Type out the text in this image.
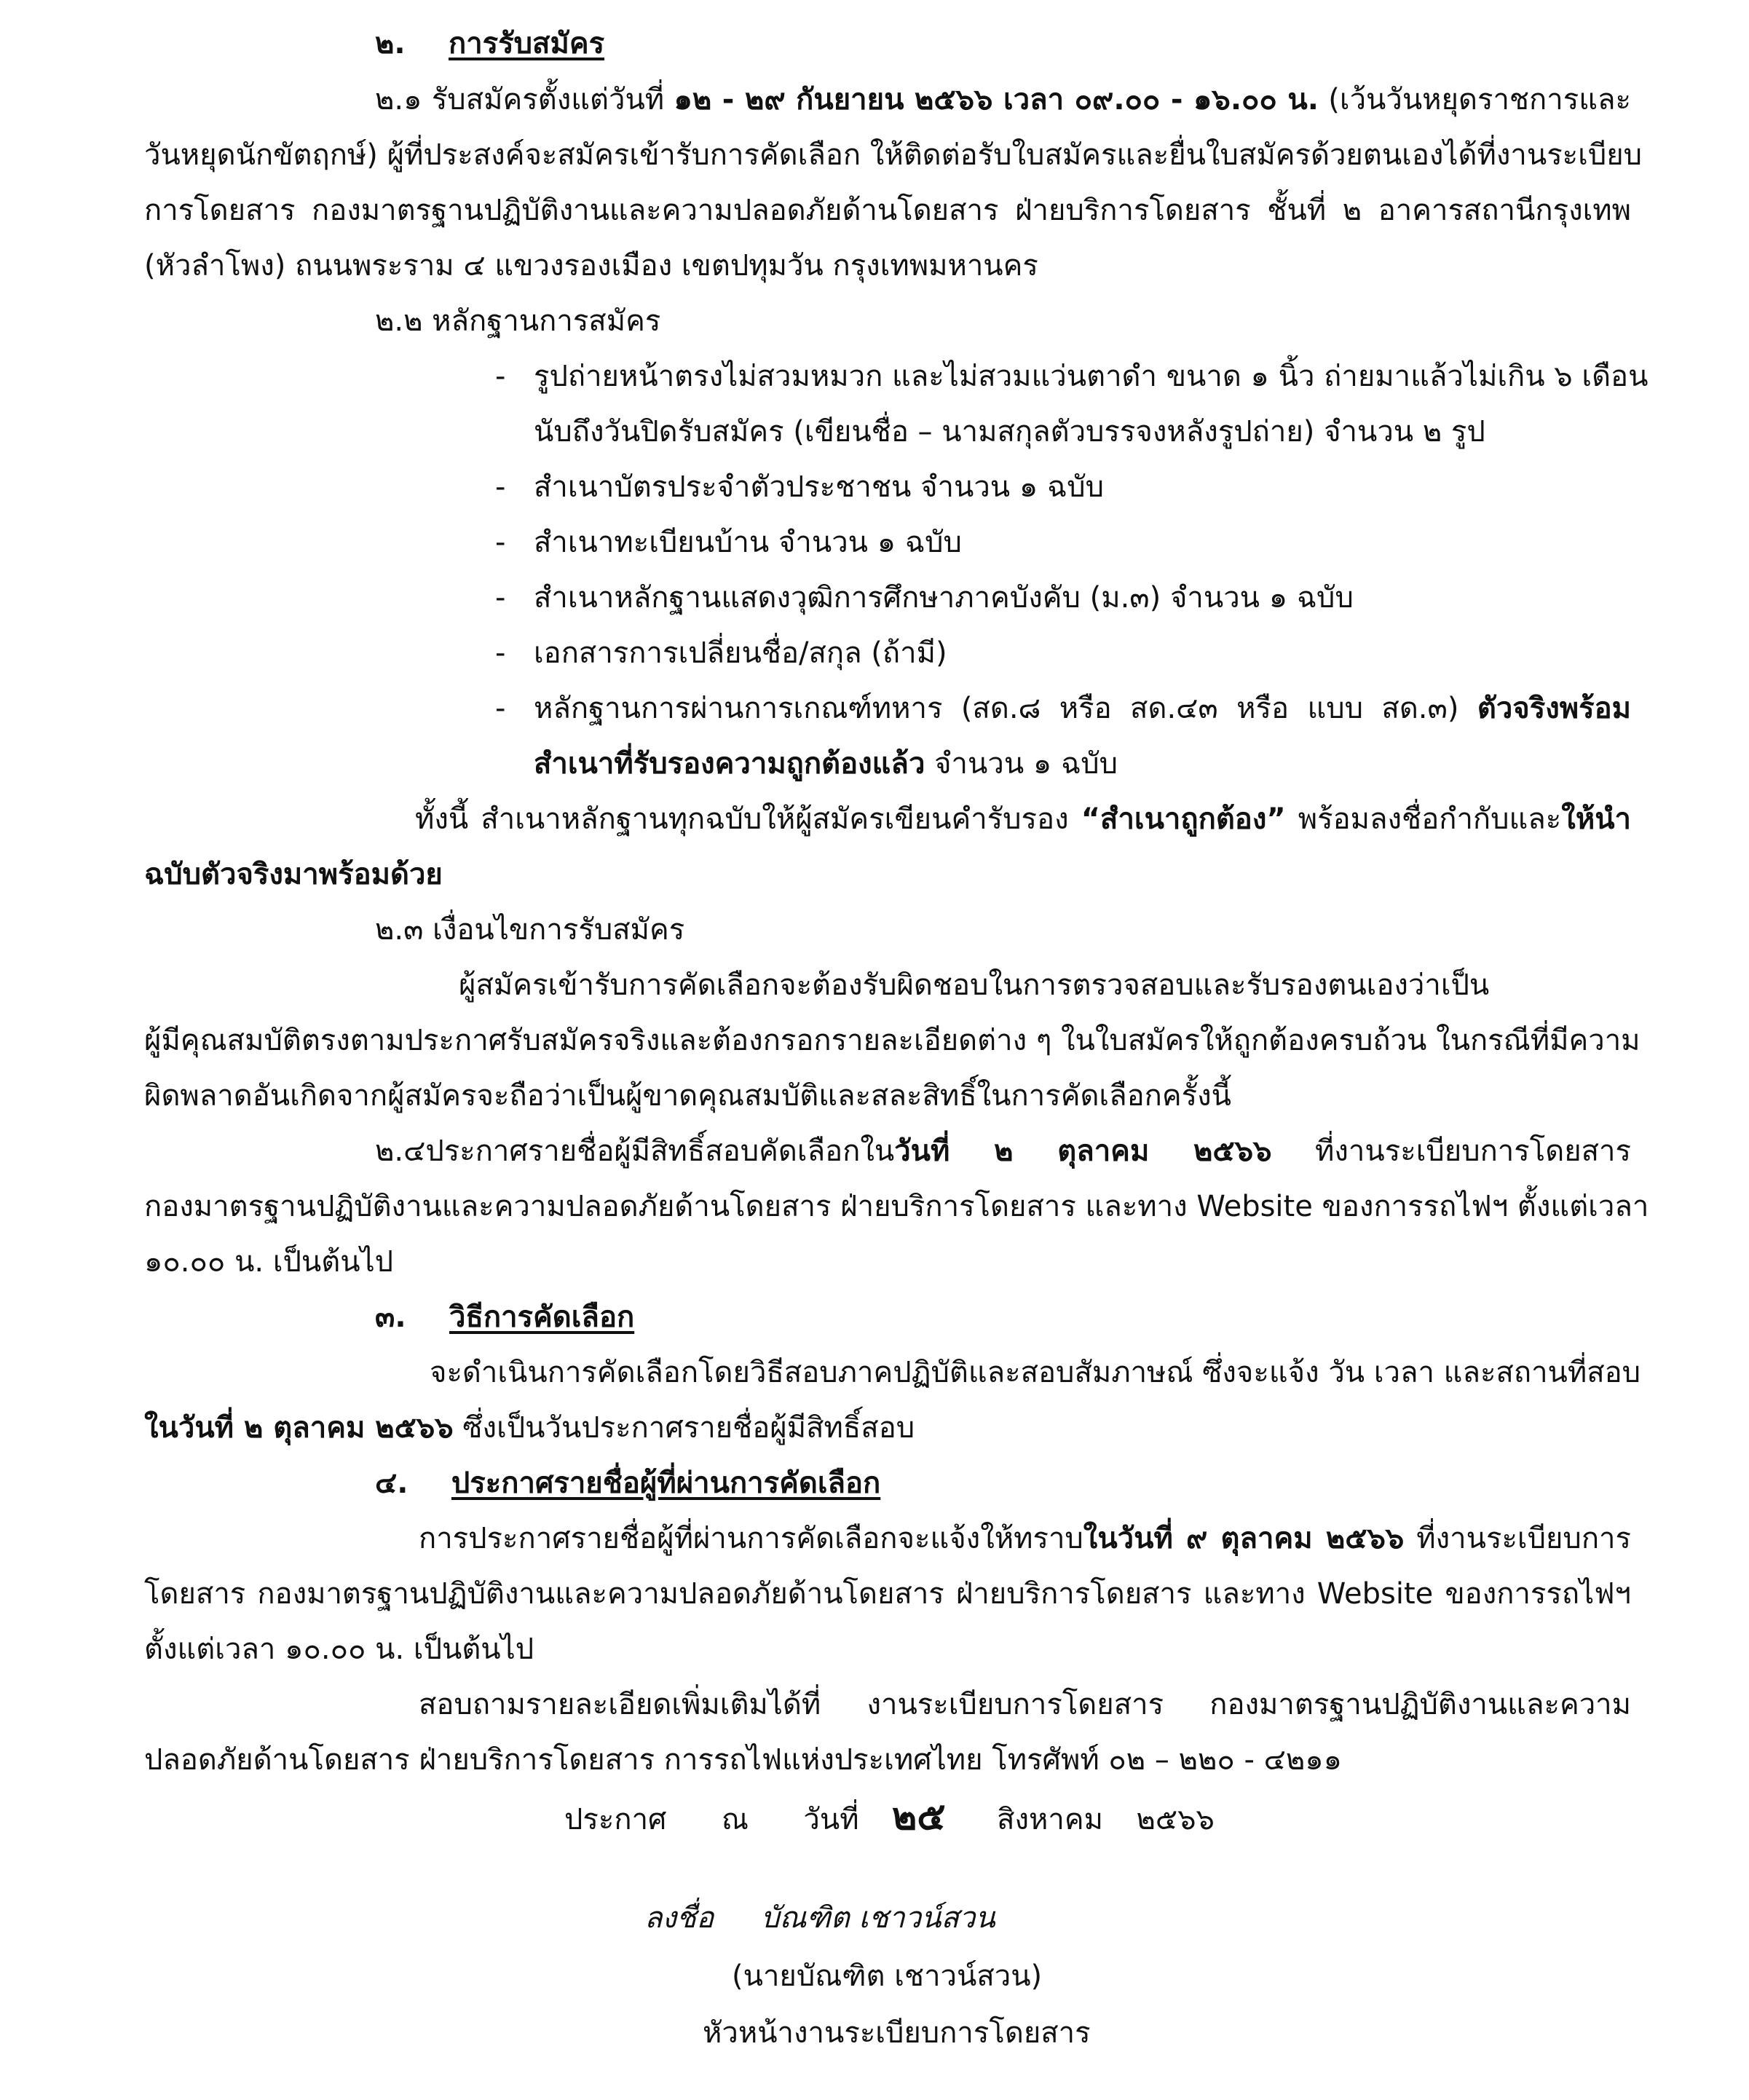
๒. การรับสมัคร
๒.๑ รับสมัครตั้งแต่วันที่ ๑๒ - ๒๙ กันยายน ๒๕๖๖ เวลา ๐๙.๐๐ - ๑๖.๐๐ น. (เว้นวันหยุดราชการและ
วันหยุดนักขัตฤกษ์) ผู้ที่ประสงค์จะสมัครเข้ารับการคัดเลือก ให้ติดต่อรับใบสมัครและยื่นใบสมัครด้วยตนเองได้ที่งานระเบียบ
การโดยสาร กองมาตรฐานปฏิบัติงานและความปลอดภัยด้านโดยสาร ฝ่ายบริการโดยสาร ชั้นที่ ๒ อาคารสถานีกรุงเทพ
(หัวลำโพง) ถนนพระราม ๔ แขวงรองเมือง เขตปทุมวัน กรุงเทพมหานคร
๒.๒ หลักฐานการสมัคร
- รูปถ่ายหน้าตรงไม่สวมหมวก และไม่สวมแว่นตาดำ ขนาด ๑ นิ้ว ถ่ายมาแล้วไม่เกิน ๖ เดือน
นับถึงวันปิดรับสมัคร (เขียนชื่อ – นามสกุลตัวบรรจงหลังรูปถ่าย) จำนวน ๒ รูป
- สำเนาบัตรประจำตัวประชาชน จำนวน ๑ ฉบับ
- สำเนาทะเบียนบ้าน จำนวน ๑ ฉบับ
- สำเนาหลักฐานแสดงวุฒิการศึกษาภาคบังคับ (ม.๓) จำนวน ๑ ฉบับ
- เอกสารการเปลี่ยนชื่อ/สกุล (ถ้ามี)
- หลักฐานการผ่านการเกณฑ์ทหาร (สด.๘ หรือ สด.๔๓ หรือ แบบ สด.๓) ตัวจริงพร้อม
สำเนาที่รับรองความถูกต้องแล้ว จำนวน ๑ ฉบับ
ทั้งนี้ สำเนาหลักฐานทุกฉบับให้ผู้สมัครเขียนคำรับรอง “สำเนาถูกต้อง” พร้อมลงชื่อกำกับและให้นำ
ฉบับตัวจริงมาพร้อมด้วย
๒.๓ เงื่อนไขการรับสมัคร
ผู้สมัครเข้ารับการคัดเลือกจะต้องรับผิดชอบในการตรวจสอบและรับรองตนเองว่าเป็น
ผู้มีคุณสมบัติตรงตามประกาศรับสมัครจริงและต้องกรอกรายละเอียดต่าง ๆ ในใบสมัครให้ถูกต้องครบถ้วน ในกรณีที่มีความ
ผิดพลาดอันเกิดจากผู้สมัครจะถือว่าเป็นผู้ขาดคุณสมบัติและสละสิทธิ์ในการคัดเลือกครั้งนี้
๒.๔ประกาศรายชื่อผู้มีสิทธิ์สอบคัดเลือกในวันที่ ๒ ตุลาคม ๒๕๖๖ ที่งานระเบียบการโดยสาร
กองมาตรฐานปฏิบัติงานและความปลอดภัยด้านโดยสาร ฝ่ายบริการโดยสาร และทาง Website ของการรถไฟฯ ตั้งแต่เวลา
๑๐.๐๐ น. เป็นต้นไป
๓. วิธีการคัดเลือก
จะดำเนินการคัดเลือกโดยวิธีสอบภาคปฏิบัติและสอบสัมภาษณ์ ซึ่งจะแจ้ง วัน เวลา และสถานที่สอบ
ในวันที่ ๒ ตุลาคม ๒๕๖๖ ซึ่งเป็นวันประกาศรายชื่อผู้มีสิทธิ์สอบ
๔. ประกาศรายชื่อผู้ที่ผ่านการคัดเลือก
การประกาศรายชื่อผู้ที่ผ่านการคัดเลือกจะแจ้งให้ทราบในวันที่ ๙ ตุลาคม ๒๕๖๖ ที่งานระเบียบการ
โดยสาร กองมาตรฐานปฏิบัติงานและความปลอดภัยด้านโดยสาร ฝ่ายบริการโดยสาร และทาง Website ของการรถไฟฯ
ตั้งแต่เวลา ๑๐.๐๐ น. เป็นต้นไป
สอบถามรายละเอียดเพิ่มเติมได้ที่ งานระเบียบการโดยสาร กองมาตรฐานปฏิบัติงานและความ
ปลอดภัยด้านโดยสาร ฝ่ายบริการโดยสาร การรถไฟแห่งประเทศไทย โทรศัพท์ ๐๒ – ๒๒๐ - ๔๒๑๑
ประกาศ ณ วันที่ ๒๕ สิงหาคม ๒๕๖๖
ลงชื่อ บัณฑิต เชาวน์สวน
(นายบัณฑิต เชาวน์สวน)
หัวหน้างานระเบียบการโดยสาร
